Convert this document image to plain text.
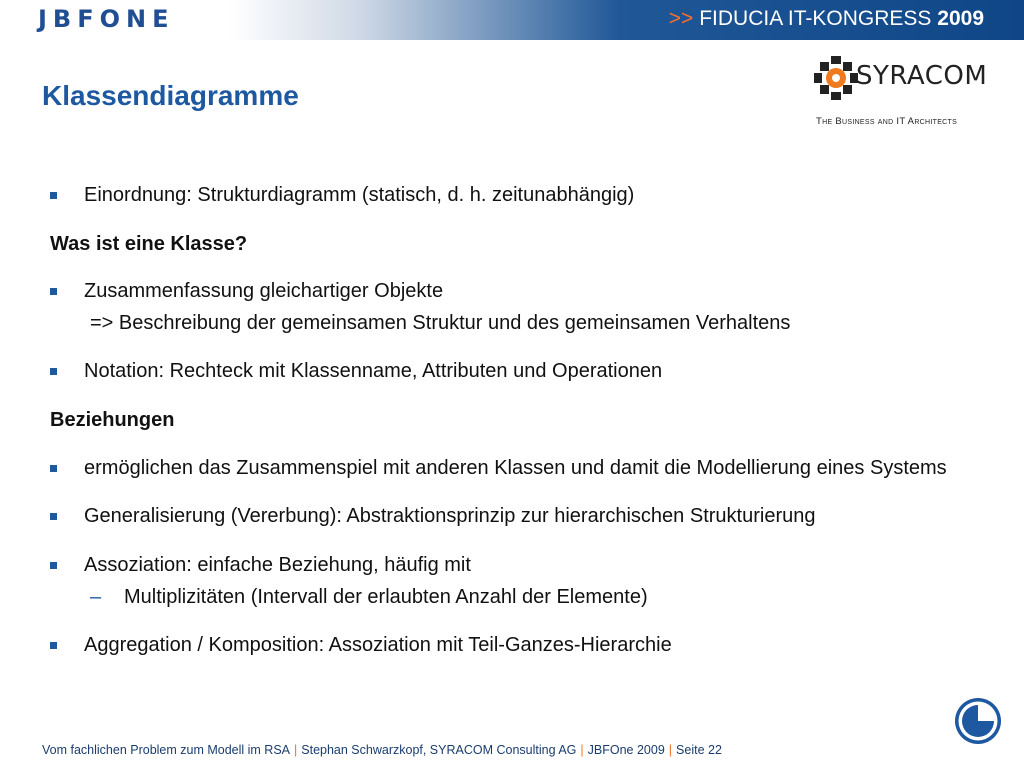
JBFONE	>> FIDUCIA IT-KONGRESS 2009
Klassendiagramme
SYRACOM
The Business and IT Architects
Einordnung: Strukturdiagramm (statisch, d. h. zeitunabhängig)
Was ist eine Klasse?
Zusammenfassung gleichartiger Objekte
=> Beschreibung der gemeinsamen Struktur und des gemeinsamen Verhaltens
Notation: Rechteck mit Klassenname, Attributen und Operationen
Beziehungen
ermöglichen das Zusammenspiel mit anderen Klassen und damit die Modellierung eines Systems
Generalisierung (Vererbung): Abstraktionsprinzip zur hierarchischen Strukturierung
Assoziation: einfache Beziehung, häufig mit
–	Multiplizitäten (Intervall der erlaubten Anzahl der Elemente)
Aggregation / Komposition: Assoziation mit Teil-Ganzes-Hierarchie
Vom fachlichen Problem zum Modell im RSA | Stephan Schwarzkopf, SYRACOM Consulting AG | JBFOne 2009 | Seite 22
